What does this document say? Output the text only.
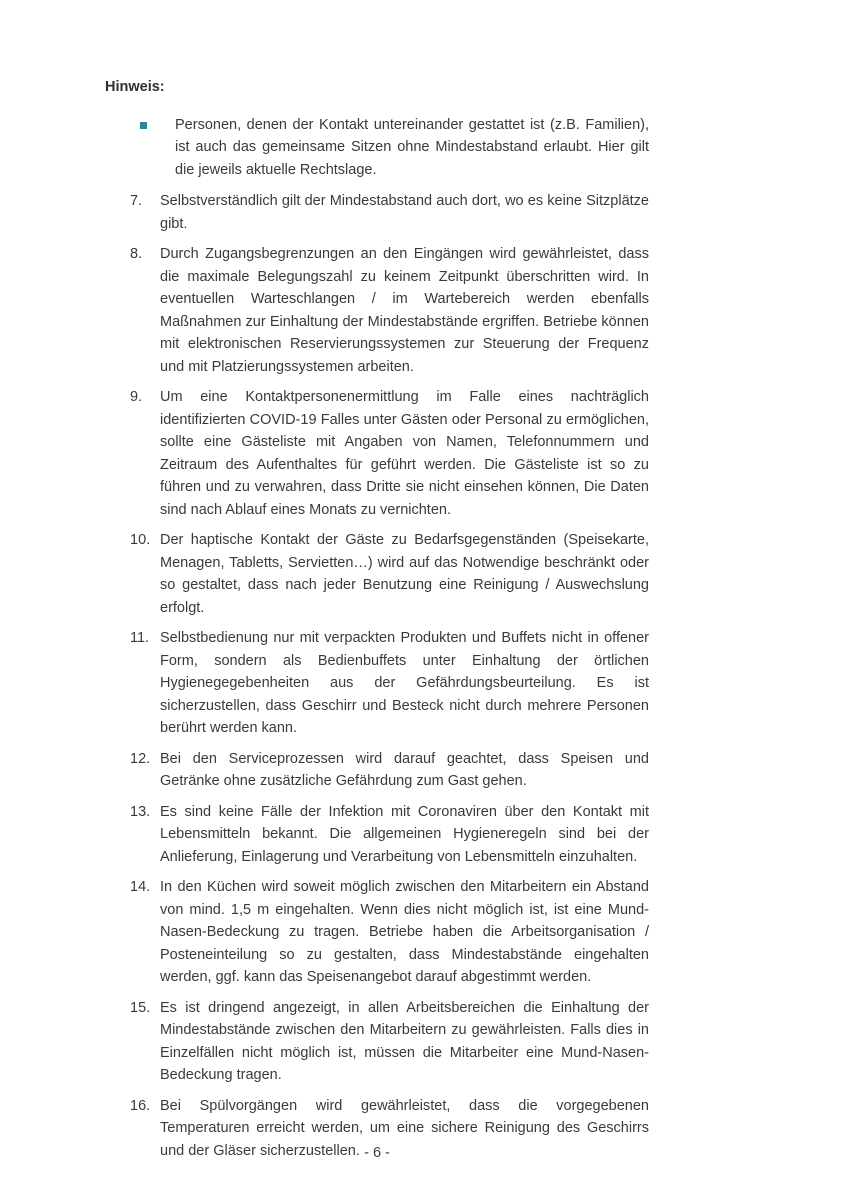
Hinweis:
Personen, denen der Kontakt untereinander gestattet ist (z.B. Familien), ist auch das gemeinsame Sitzen ohne Mindestabstand erlaubt. Hier gilt die jeweils aktuelle Rechtslage.
7. Selbstverständlich gilt der Mindestabstand auch dort, wo es keine Sitzplätze gibt.
8. Durch Zugangsbegrenzungen an den Eingängen wird gewährleistet, dass die maximale Belegungszahl zu keinem Zeitpunkt überschritten wird. In eventuellen Warteschlangen / im Wartebereich werden ebenfalls Maßnahmen zur Einhaltung der Mindestabstände ergriffen. Betriebe können mit elektronischen Reservierungssystemen zur Steuerung der Frequenz und mit Platzierungssystemen arbeiten.
9. Um eine Kontaktpersonenermittlung im Falle eines nachträglich identifizierten COVID-19 Falles unter Gästen oder Personal zu ermöglichen, sollte eine Gästeliste mit Angaben von Namen, Telefonnummern und Zeitraum des Aufenthaltes für geführt werden. Die Gästeliste ist so zu führen und zu verwahren, dass Dritte sie nicht einsehen können, Die Daten sind nach Ablauf eines Monats zu vernichten.
10. Der haptische Kontakt der Gäste zu Bedarfsgegenständen (Speisekarte, Menagen, Tabletts, Servietten…) wird auf das Notwendige beschränkt oder so gestaltet, dass nach jeder Benutzung eine Reinigung / Auswechslung erfolgt.
11. Selbstbedienung nur mit verpackten Produkten und Buffets nicht in offener Form, sondern als Bedienbuffets unter Einhaltung der örtlichen Hygienegegebenheiten aus der Gefährdungsbeurteilung. Es ist sicherzustellen, dass Geschirr und Besteck nicht durch mehrere Personen berührt werden kann.
12. Bei den Serviceprozessen wird darauf geachtet, dass Speisen und Getränke ohne zusätzliche Gefährdung zum Gast gehen.
13. Es sind keine Fälle der Infektion mit Coronaviren über den Kontakt mit Lebensmitteln bekannt. Die allgemeinen Hygieneregeln sind bei der Anlieferung, Einlagerung und Verarbeitung von Lebensmitteln einzuhalten.
14. In den Küchen wird soweit möglich zwischen den Mitarbeitern ein Abstand von mind. 1,5 m eingehalten. Wenn dies nicht möglich ist, ist eine Mund-Nasen-Bedeckung zu tragen. Betriebe haben die Arbeitsorganisation / Posteneinteilung so zu gestalten, dass Mindestabstände eingehalten werden, ggf. kann das Speisenangebot darauf abgestimmt werden.
15. Es ist dringend angezeigt, in allen Arbeitsbereichen die Einhaltung der Mindestabstände zwischen den Mitarbeitern zu gewährleisten. Falls dies in Einzelfällen nicht möglich ist, müssen die Mitarbeiter eine Mund-Nasen-Bedeckung tragen.
16. Bei Spülvorgängen wird gewährleistet, dass die vorgegebenen Temperaturen erreicht werden, um eine sichere Reinigung des Geschirrs und der Gläser sicherzustellen. - 6 -
